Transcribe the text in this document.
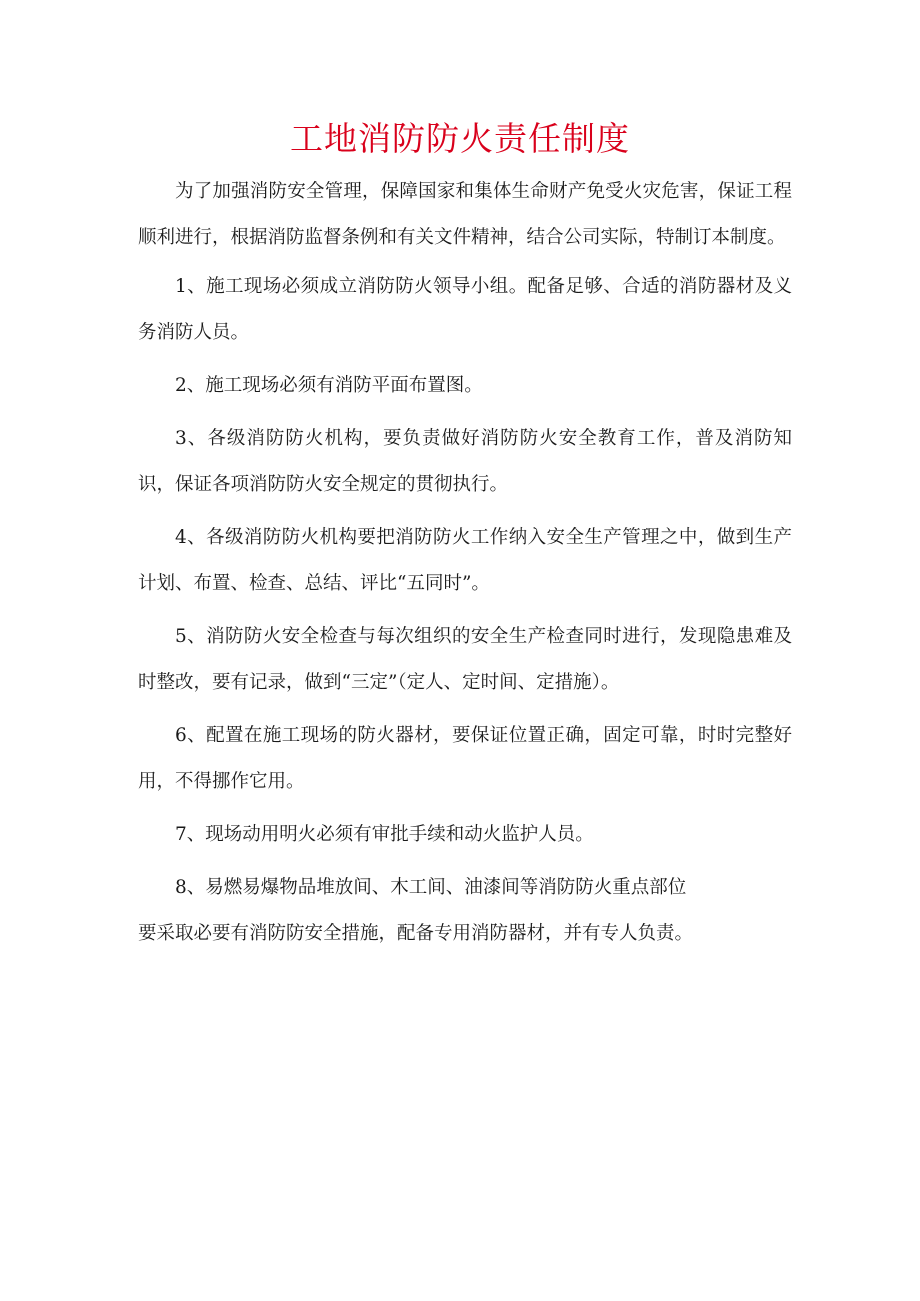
工地消防防火责任制度

为了加强消防安全管理，保障国家和集体生命财产免受火灾危害，保证工程顺利进行，根据消防监督条例和有关文件精神，结合公司实际，特制订本制度。

1、施工现场必须成立消防防火领导小组。配备足够、合适的消防器材及义务消防人员。

2、施工现场必须有消防平面布置图。

3、各级消防防火机构，要负责做好消防防火安全教育工作，普及消防知识，保证各项消防防火安全规定的贯彻执行。

4、各级消防防火机构要把消防防火工作纳入安全生产管理之中，做到生产计划、布置、检查、总结、评比“五同时”。

5、消防防火安全检查与每次组织的安全生产检查同时进行，发现隐患难及时整改，要有记录，做到“三定”（定人、定时间、定措施）。

6、配置在施工现场的防火器材，要保证位置正确，固定可靠，时时完整好用，不得挪作它用。

7、现场动用明火必须有审批手续和动火监护人员。

8、易燃易爆物品堆放间、木工间、油漆间等消防防火重点部位
要采取必要有消防防安全措施，配备专用消防器材，并有专人负责。
